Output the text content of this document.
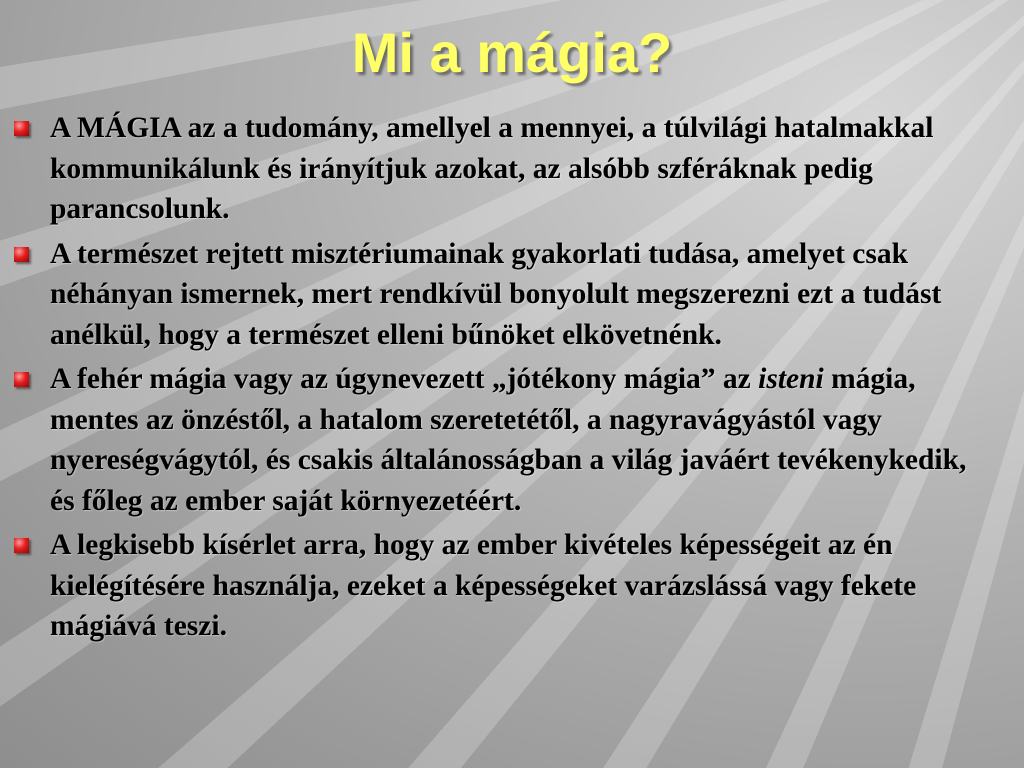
Mi a mágia?
A MÁGIA az a tudomány, amellyel a mennyei, a túlvilági hatalmakkal kommunikálunk és irányítjuk azokat, az alsóbb szféráknak pedig parancsolunk.
A természet rejtett misztériumainak gyakorlati tudása, amelyet csak néhányan ismernek, mert rendkívül bonyolult megszerezni ezt a tudást anélkül, hogy a természet elleni bűnöket elkövetnénk.
A fehér mágia vagy az úgynevezett „jótékony mágia” az isteni mágia, mentes az önzéstől, a hatalom szeretetétől, a nagyravágyástól vagy nyereségvágytól, és csakis általánosságban a világ javáért tevékenykedik, és főleg az ember saját környezetéért.
A legkisebb kísérlet arra, hogy az ember kivételes képességeit az én kielégítésére használja, ezeket a képességeket varázslássá vagy fekete mágiává teszi.
